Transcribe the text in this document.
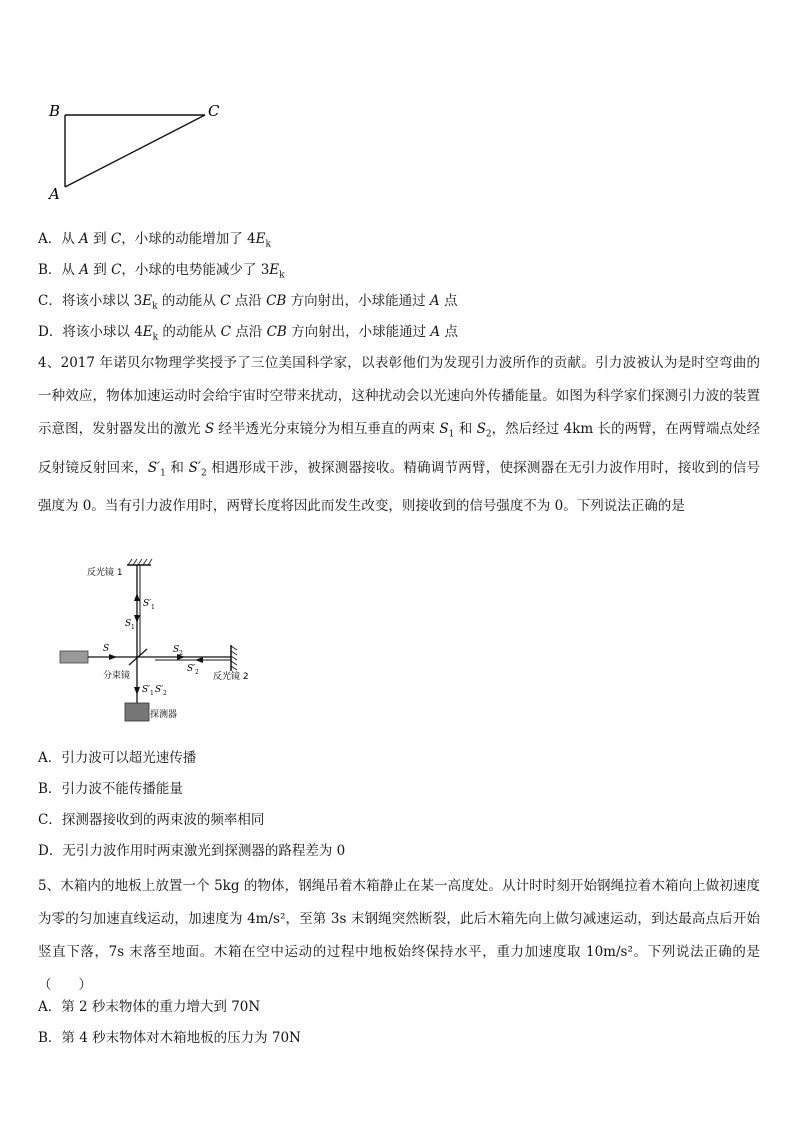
B	C
A
A．从 A 到 C，小球的动能增加了 $4E_k$
B．从 A 到 C，小球的电势能减少了 $3E_k$
C．将该小球以 $3E_k$ 的动能从 C 点沿 CB 方向射出，小球能通过 A 点
D．将该小球以 $4E_k$ 的动能从 C 点沿 CB 方向射出，小球能通过 A 点
4、2017 年诺贝尔物理学奖授予了三位美国科学家，以表彰他们为发现引力波所作的贡献。引力波被认为是时空弯曲的一种效应，物体加速运动时会给宇宙时空带来扰动，这种扰动会以光速向外传播能量。如图为科学家们探测引力波的装置示意图，发射器发出的激光 S 经半透光分束镜分为相互垂直的两束 $S_1$ 和 $S_2$，然后经过 4km 长的两臂，在两臂端点处经反射镜反射回来，$S'_1$ 和 $S'_2$ 相遇形成干涉，被探测器接收。精确调节两臂，使探测器在无引力波作用时，接收到的信号强度为 0。当有引力波作用时，两臂长度将因此而发生改变，则接收到的信号强度不为 0。下列说法正确的是
反光镜 1
S′ 1
S 1
S
分束镜
S 2
S′ 2 反光镜 2
S′ 1 S′ 2
探测器
A．引力波可以超光速传播
B．引力波不能传播能量
C．探测器接收到的两束波的频率相同
D．无引力波作用时两束激光到探测器的路程差为 0
5、木箱内的地板上放置一个 5kg 的物体，钢绳吊着木箱静止在某一高度处。从计时时刻开始钢绳拉着木箱向上做初速度为零的匀加速直线运动，加速度为 4m/s²，至第 3s 末钢绳突然断裂，此后木箱先向上做匀减速运动，到达最高点后开始竖直下落，7s 末落至地面。木箱在空中运动的过程中地板始终保持水平，重力加速度取 10m/s²。下列说法正确的是（　　）
A．第 2 秒末物体的重力增大到 70N
B．第 4 秒末物体对木箱地板的压力为 70N
